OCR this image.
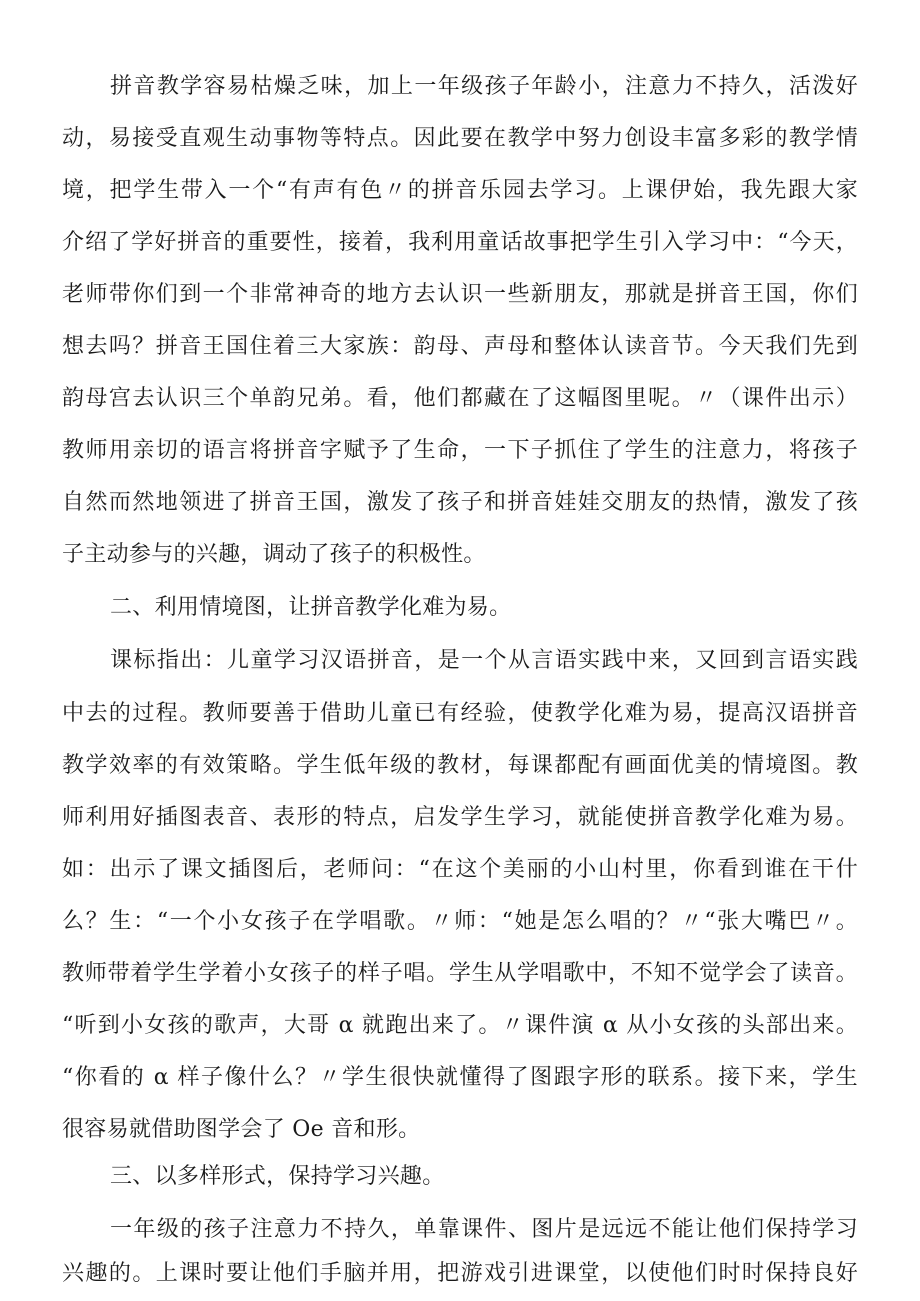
拼音教学容易枯燥乏味，加上一年级孩子年龄小，注意力不持久，活泼好
动，易接受直观生动事物等特点。因此要在教学中努力创设丰富多彩的教学情
境，把学生带入一个“有声有色〃的拼音乐园去学习。上课伊始，我先跟大家
介绍了学好拼音的重要性，接着，我利用童话故事把学生引入学习中：“今天，
老师带你们到一个非常神奇的地方去认识一些新朋友，那就是拼音王国，你们
想去吗？拼音王国住着三大家族：韵母、声母和整体认读音节。今天我们先到
韵母宫去认识三个单韵兄弟。看，他们都藏在了这幅图里呢。〃（课件出示）
教师用亲切的语言将拼音字赋予了生命，一下子抓住了学生的注意力，将孩子
自然而然地领进了拼音王国，激发了孩子和拼音娃娃交朋友的热情，激发了孩
子主动参与的兴趣，调动了孩子的积极性。
二、利用情境图，让拼音教学化难为易。
课标指出：儿童学习汉语拼音，是一个从言语实践中来，又回到言语实践
中去的过程。教师要善于借助儿童已有经验，使教学化难为易，提高汉语拼音
教学效率的有效策略。学生低年级的教材，每课都配有画面优美的情境图。教
师利用好插图表音、表形的特点，启发学生学习，就能使拼音教学化难为易。
如：出示了课文插图后，老师问：“在这个美丽的小山村里，你看到谁在干什
么？生：“一个小女孩子在学唱歌。〃师：“她是怎么唱的？〃“张大嘴巴〃。
教师带着学生学着小女孩子的样子唱。学生从学唱歌中，不知不觉学会了读音。
“听到小女孩的歌声，大哥 α 就跑出来了。〃课件演 α 从小女孩的头部出来。
“你看的 α 样子像什么？〃学生很快就懂得了图跟字形的联系。接下来，学生
很容易就借助图学会了 Oe 音和形。
三、以多样形式，保持学习兴趣。
一年级的孩子注意力不持久，单靠课件、图片是远远不能让他们保持学习
兴趣的。上课时要让他们手脑并用，把游戏引进课堂，以使他们时时保持良好
